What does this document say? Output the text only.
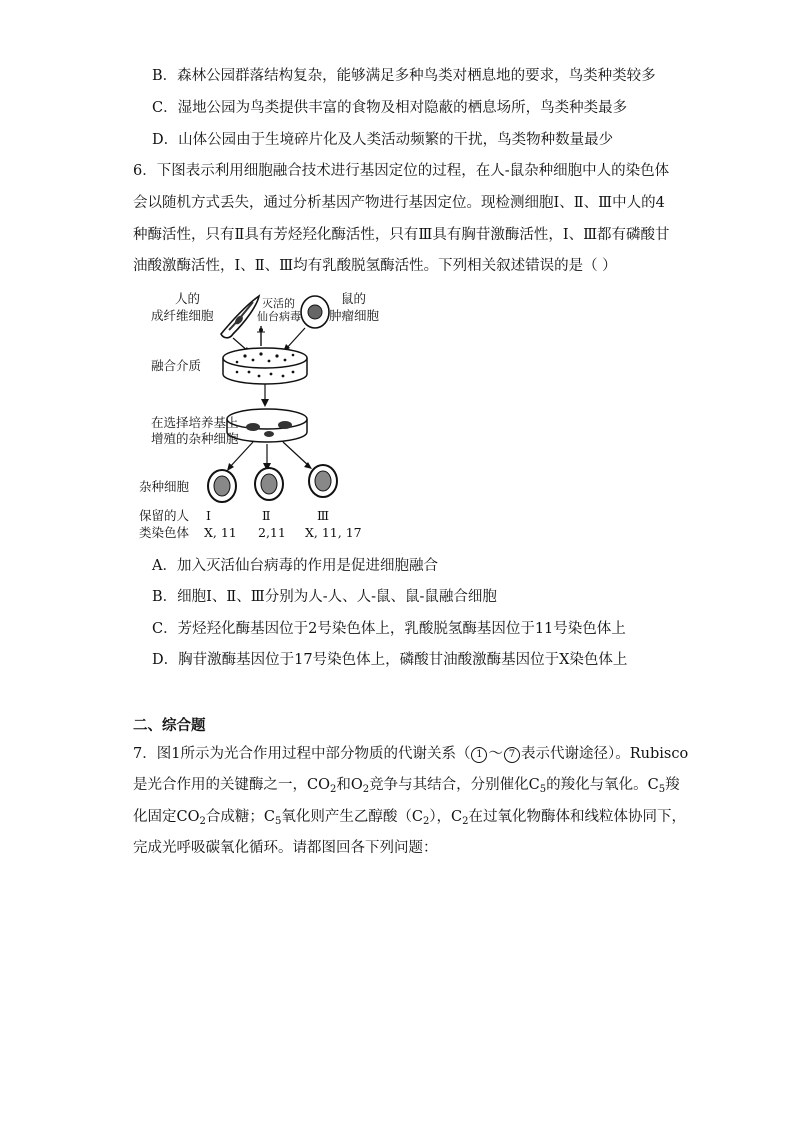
B．森林公园群落结构复杂，能够满足多种鸟类对栖息地的要求，鸟类种类较多
C．湿地公园为鸟类提供丰富的食物及相对隐蔽的栖息场所，鸟类种类最多
D．山体公园由于生境碎片化及人类活动频繁的干扰，鸟类物种数量最少
6．下图表示利用细胞融合技术进行基因定位的过程，在人-鼠杂种细胞中人的染色体
会以随机方式丢失，通过分析基因产物进行基因定位。现检测细胞Ⅰ、Ⅱ、Ⅲ中人的4
种酶活性，只有Ⅱ具有芳烃羟化酶活性，只有Ⅲ具有胸苷激酶活性，Ⅰ、Ⅲ都有磷酸甘
油酸激酶活性，Ⅰ、Ⅱ、Ⅲ均有乳酸脱氢酶活性。下列相关叙述错误的是（ ）
人的
成纤维细胞
灭活的
仙台病毒
鼠的
肿瘤细胞
融合介质
在选择培养基上
增殖的杂种细胞
杂种细胞
Ⅰ	Ⅱ	Ⅲ
保留的人
类染色体 X, 11 2,11 X, 11, 17
A．加入灭活仙台病毒的作用是促进细胞融合
B．细胞Ⅰ、Ⅱ、Ⅲ分别为人-人、人-鼠、鼠-鼠融合细胞
C．芳烃羟化酶基因位于2号染色体上，乳酸脱氢酶基因位于11号染色体上
D．胸苷激酶基因位于17号染色体上，磷酸甘油酸激酶基因位于X染色体上
二、综合题
7．图1所示为光合作用过程中部分物质的代谢关系（ 1 ～ 7 表示代谢途径）。Rubisco
是光合作用的关键酶之一，$CO_2$和$O_2$竞争与其结合，分别催化$C_5$的羧化与氧化。$C_5$羧
化固定$CO_2$合成糖；$C_5$氧化则产生乙醇酸$(C_2)$，$C_2$在过氧化物酶体和线粒体协同下，
完成光呼吸碳氧化循环。请都图回各下列问题：
